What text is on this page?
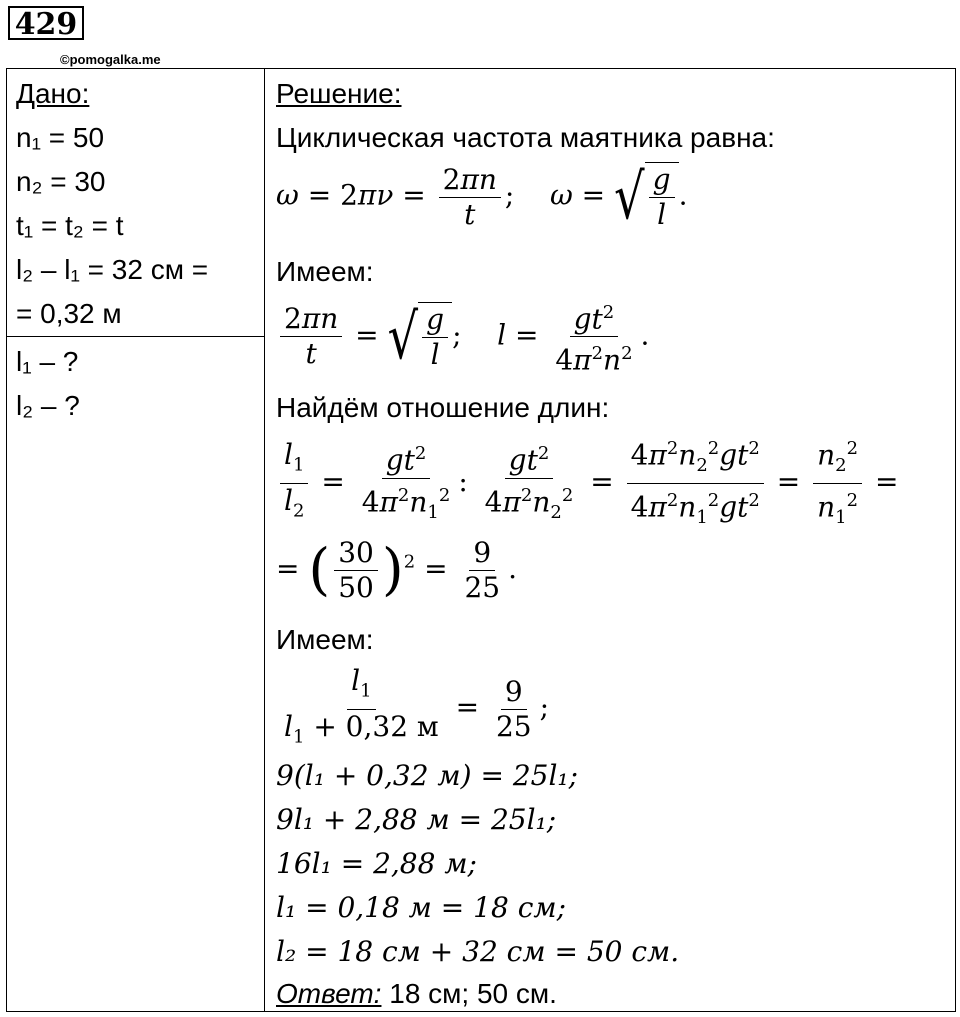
429
©pomogalka.me
Дано:
n₁ = 50
n₂ = 30
t₁ = t₂ = t
l₂ – l₁ = 32 см =
= 0,32 м
l₁ – ?
l₂ – ?
Решение:
Циклическая частота маятника равна:
$\omega = 2\pi\nu = \frac{2\pi n}{t}$ ;    ω = √ $\frac{g}{l}$ .
Имеем:
$\frac{2\pi n}{t}$ = √ $\frac{g}{l}$ ;    $l = \frac{gt^2}{4\pi^2n^2}$ .
Найдём отношение длин:
$\frac{l_1}{l_2} = \frac{gt^2}{4\pi^2n_1^2}$ : $\frac{gt^2}{4\pi^2n_2^2} = \frac{4\pi^2n_2^2gt^2}{4\pi^2n_1^2gt^2} = \frac{n_2^2}{n_1^2}$ =
= ( $\frac{30}{50} )^2 = \frac{9}{25}$ .
Имеем:
$\frac{l_1}{l_1 + 0,32 м} = \frac{9}{25}$ ;
9(l₁ + 0,32 м) = 25l₁;
9l₁ + 2,88 м = 25l₁;
16l₁ = 2,88 м;
l₁ = 0,18 м = 18 см;
l₂ = 18 см + 32 см = 50 см.
Ответ: 18 см; 50 см.
